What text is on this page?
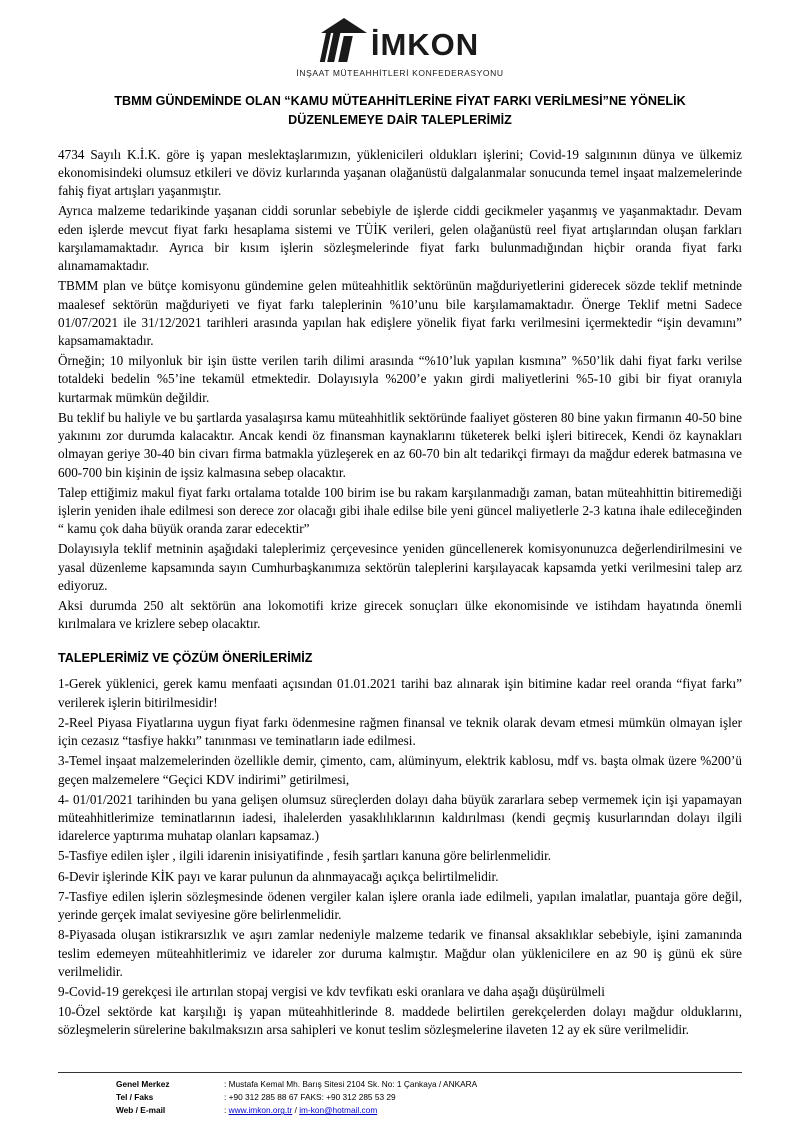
İMKON
İNŞAAT MÜTEAHHİTLERİ KONFEDERASYONU
TBMM GÜNDEMİNDE OLAN “KAMU MÜTEAHHİTLERİNE FİYAT FARKI VERİLMESİ”NE YÖNELİK DÜZENLEMEYE DAİR TALEPLERİMİZ

4734 Sayılı K.İ.K. göre iş yapan meslektaşlarımızın, yüklenicileri oldukları işlerini; Covid-19 salgınının dünya ve ülkemiz ekonomisindeki olumsuz etkileri ve döviz kurlarında yaşanan olağanüstü dalgalanmalar sonucunda temel inşaat malzemelerinde fahiş fiyat artışları yaşanmıştır.

Ayrıca malzeme tedarikinde yaşanan ciddi sorunlar sebebiyle de işlerde ciddi gecikmeler yaşanmış ve yaşanmaktadır. Devam eden işlerde mevcut fiyat farkı hesaplama sistemi ve TÜİK verileri, gelen olağanüstü reel fiyat artışlarından oluşan farkları karşılamamaktadır. Ayrıca bir kısım işlerin sözleşmelerinde fiyat farkı bulunmadığından hiçbir oranda fiyat farkı alınamamaktadır.

TBMM plan ve bütçe komisyonu gündemine gelen müteahhitlik sektörünün mağduriyetlerini giderecek sözde teklif metninde maalesef sektörün mağduriyeti ve fiyat farkı taleplerinin %10’unu bile karşılamamaktadır. Önerge Teklif metni Sadece 01/07/2021 ile 31/12/2021 tarihleri arasında yapılan hak edişlere yönelik fiyat farkı verilmesini içermektedir “işin devamını” kapsamamaktadır.

Örneğin; 10 milyonluk bir işin üstte verilen tarih dilimi arasında “%10’luk yapılan kısmına” %50’lik dahi fiyat farkı verilse totaldeki bedelin %5’ine tekamül etmektedir. Dolayısıyla %200’e yakın girdi maliyetlerini %5-10 gibi bir fiyat oranıyla kurtarmak mümkün değildir.

Bu teklif bu haliyle ve bu şartlarda yasalaşırsa kamu müteahhitlik sektöründe faaliyet gösteren 80 bine yakın firmanın 40-50 bine yakınını zor durumda kalacaktır. Ancak kendi öz finansman kaynaklarını tüketerek belki işleri bitirecek, Kendi öz kaynakları olmayan geriye 30-40 bin civarı firma batmakla yüzleşerek en az 60-70 bin alt tedarikçi firmayı da mağdur ederek batmasına ve 600-700 bin kişinin de işsiz kalmasına sebep olacaktır.

Talep ettiğimiz makul fiyat farkı ortalama totalde 100 birim ise bu rakam karşılanmadığı zaman, batan müteahhittin bitiremediği işlerin yeniden ihale edilmesi son derece zor olacağı gibi ihale edilse bile yeni güncel maliyetlerle 2-3 katına ihale edileceğinden “ kamu çok daha büyük oranda zarar edecektir”

Dolayısıyla teklif metninin aşağıdaki taleplerimiz çerçevesince yeniden güncellenerek komisyonunuzca değerlendirilmesini ve yasal düzenleme kapsamında sayın Cumhurbaşkanımıza sektörün taleplerini karşılayacak kapsamda yetki verilmesini talep arz ediyoruz.

Aksi durumda 250 alt sektörün ana lokomotifi krize girecek sonuçları ülke ekonomisinde ve istihdam hayatında önemli kırılmalara ve krizlere sebep olacaktır.

TALEPLERİMİZ VE ÇÖZÜM ÖNERİLERİMİZ

1-Gerek yüklenici, gerek kamu menfaati açısından 01.01.2021 tarihi baz alınarak işin bitimine kadar reel oranda “fiyat farkı” verilerek işlerin bitirilmesidir!

2-Reel Piyasa Fiyatlarına uygun fiyat farkı ödenmesine rağmen finansal ve teknik olarak devam etmesi mümkün olmayan işler için cezasız “tasfiye hakkı” tanınması ve teminatların iade edilmesi.

3-Temel inşaat malzemelerinden özellikle demir, çimento, cam, alüminyum, elektrik kablosu, mdf vs. başta olmak üzere %200’ü geçen malzemelere “Geçici KDV indirimi” getirilmesi,

4- 01/01/2021 tarihinden bu yana gelişen olumsuz süreçlerden dolayı daha büyük zararlara sebep vermemek için işi yapamayan müteahhitlerimize teminatlarının iadesi, ihalelerden yasaklılıklarının kaldırılması (kendi geçmiş kusurlarından dolayı ilgili idarelerce yaptırıma muhatap olanları kapsamaz.)

5-Tasfiye edilen işler , ilgili idarenin inisiyatifinde , fesih şartları kanuna göre belirlenmelidir.

6-Devir işlerinde KİK payı ve karar pulunun da alınmayacağı açıkça belirtilmelidir.

7-Tasfiye edilen işlerin sözleşmesinde ödenen vergiler kalan işlere oranla iade edilmeli, yapılan imalatlar, puantaja göre değil, yerinde gerçek imalat seviyesine göre belirlenmelidir.

8-Piyasada oluşan istikrarsızlık ve aşırı zamlar nedeniyle malzeme tedarik ve finansal aksaklıklar sebebiyle, işini zamanında teslim edemeyen müteahhitlerimiz ve idareler zor duruma kalmıştır. Mağdur olan yüklenicilere en az 90 iş günü ek süre verilmelidir.

9-Covid-19 gerekçesi ile artırılan stopaj vergisi ve kdv tevfikatı eski oranlara ve daha aşağı düşürülmeli

10-Özel sektörde kat karşılığı iş yapan müteahhitlerinde 8. maddede belirtilen gerekçelerden dolayı mağdur olduklarını, sözleşmelerin sürelerine bakılmaksızın arsa sahipleri ve konut teslim sözleşmelerine ilaveten 12 ay ek süre verilmelidir.

Genel Merkez	: Mustafa Kemal Mh. Barış Sitesi 2104 Sk. No: 1 Çankaya / ANKARA
Tel / Faks	: +90 312 285 88 67 FAKS: +90 312 285 53 29
Web / E-mail	: www.imkon.org.tr / im-kon@hotmail.com
